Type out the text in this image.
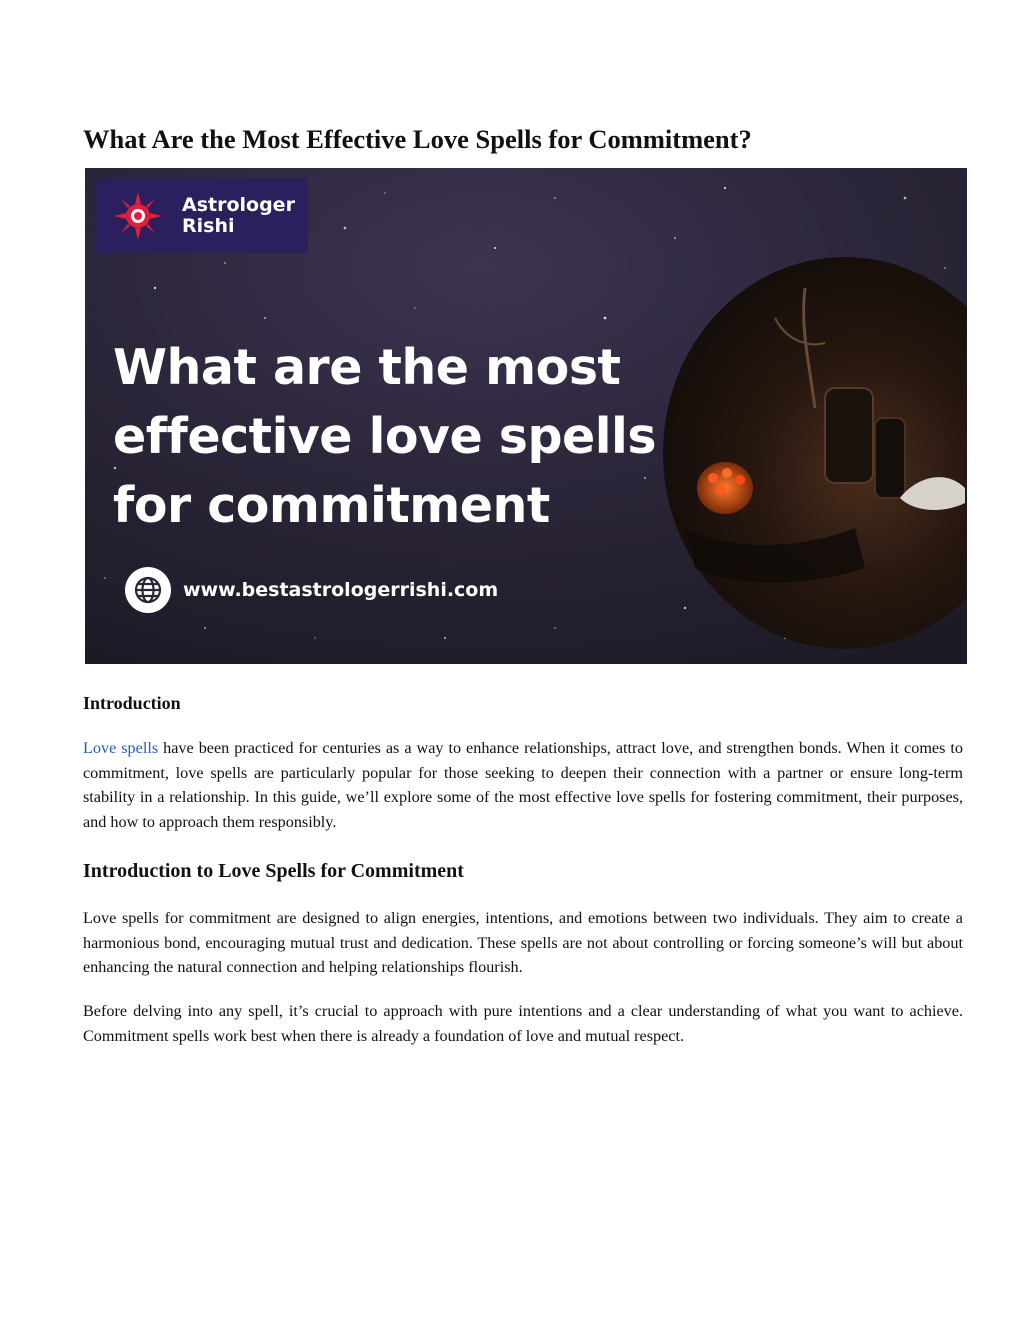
What Are the Most Effective Love Spells for Commitment?
Astrologer
Rishi
What are the most
effective love spells
for commitment
www.bestastrologerrishi.com
Introduction

Love spells have been practiced for centuries as a way to enhance relationships, attract love, and strengthen bonds. When it comes to commitment, love spells are particularly popular for those seeking to deepen their connection with a partner or ensure long-term stability in a relationship. In this guide, we’ll explore some of the most effective love spells for fostering commitment, their purposes, and how to approach them responsibly.

Introduction to Love Spells for Commitment

Love spells for commitment are designed to align energies, intentions, and emotions between two individuals. They aim to create a harmonious bond, encouraging mutual trust and dedication. These spells are not about controlling or forcing someone’s will but about enhancing the natural connection and helping relationships flourish.

Before delving into any spell, it’s crucial to approach with pure intentions and a clear understanding of what you want to achieve. Commitment spells work best when there is already a foundation of love and mutual respect.
